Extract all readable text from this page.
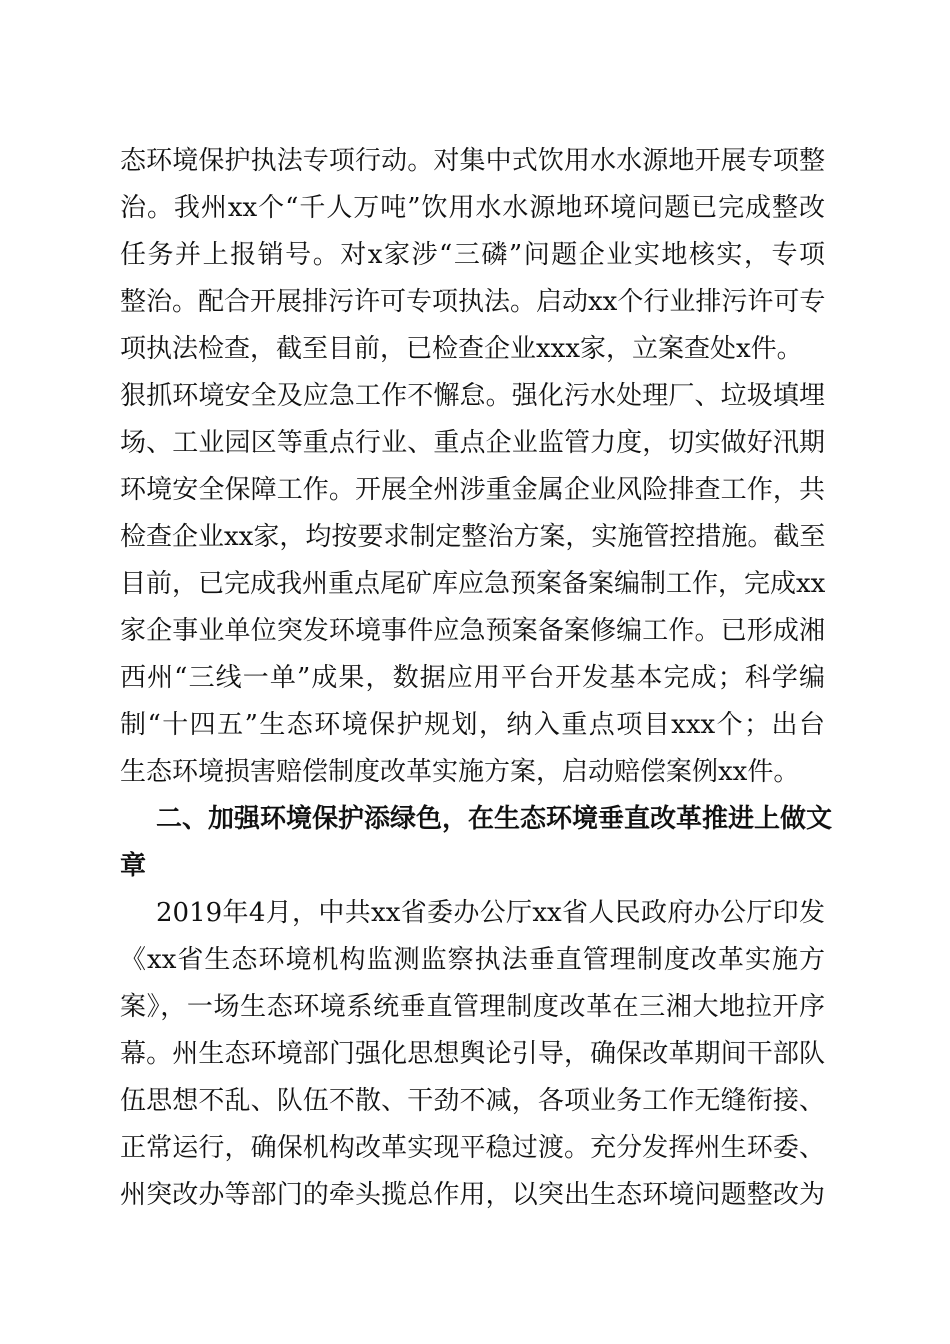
态环境保护执法专项行动。对集中式饮用水水源地开展专项整
治。我州xx个“千人万吨”饮用水水源地环境问题已完成整改
任务并上报销号。对x家涉“三磷”问题企业实地核实，专项
整治。配合开展排污许可专项执法。启动xx个行业排污许可专
项执法检查，截至目前，已检查企业xxx家，立案查处x件。
狠抓环境安全及应急工作不懈怠。强化污水处理厂、垃圾填埋
场、工业园区等重点行业、重点企业监管力度，切实做好汛期
环境安全保障工作。开展全州涉重金属企业风险排查工作，共
检查企业xx家，均按要求制定整治方案，实施管控措施。截至
目前，已完成我州重点尾矿库应急预案备案编制工作，完成xx
家企事业单位突发环境事件应急预案备案修编工作。已形成湘
西州“三线一单”成果，数据应用平台开发基本完成；科学编
制“十四五”生态环境保护规划，纳入重点项目xxx个；出台
生态环境损害赔偿制度改革实施方案，启动赔偿案例xx件。
二、加强环境保护添绿色，在生态环境垂直改革推进上做文
章
2019年4月，中共xx省委办公厅xx省人民政府办公厅印发
《xx省生态环境机构监测监察执法垂直管理制度改革实施方
案》，一场生态环境系统垂直管理制度改革在三湘大地拉开序
幕。州生态环境部门强化思想舆论引导，确保改革期间干部队
伍思想不乱、队伍不散、干劲不减，各项业务工作无缝衔接、
正常运行，确保机构改革实现平稳过渡。充分发挥州生环委、
州突改办等部门的牵头揽总作用，以突出生态环境问题整改为
